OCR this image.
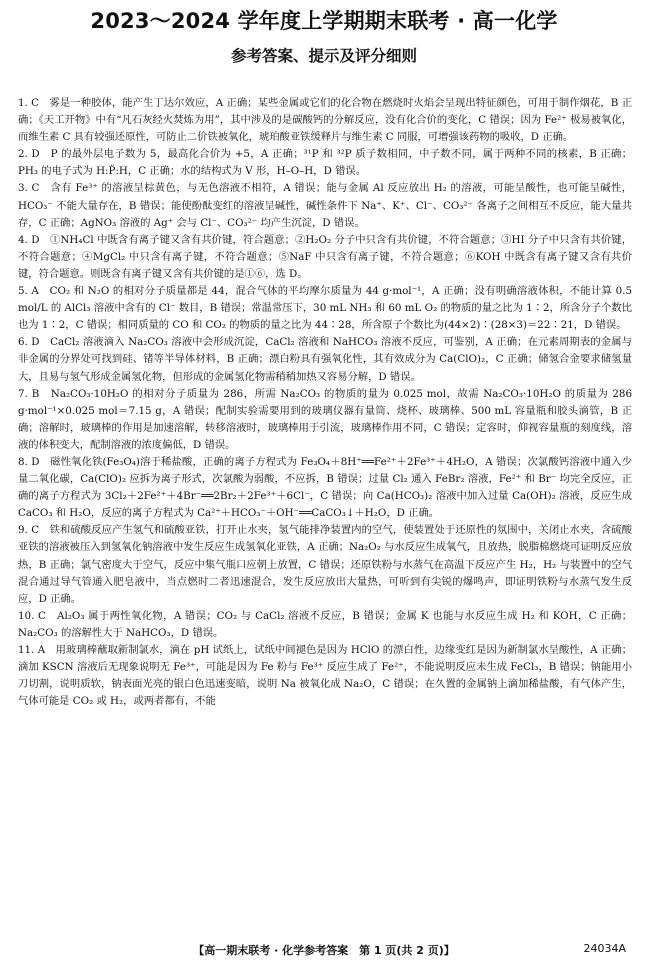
2023～2024 学年度上学期期末联考 · 高一化学
参考答案、提示及评分细则

1. C　雾是一种胶体，能产生丁达尔效应，A 正确；某些金属或它们的化合物在燃烧时火焰会呈现出特征颜色，可用于制作烟花，B 正确；《天工开物》中有“凡石灰经火焚炼为用”，其中涉及的是碳酸钙的分解反应，没有化合价的变化，C 错误；因为 Fe²⁺ 极易被氧化，而维生素 C 具有较强还原性，可防止二价铁被氧化，琥珀酸亚铁缓释片与维生素 C 同服，可增强该药物的吸收，D 正确。

2. D　P 的最外层电子数为 5，最高化合价为 +5，A 正确；³¹P 和 ³²P 质子数相同，中子数不同，属于两种不同的核素，B 正确；PH₃ 的电子式为 H:P̈:H，C 正确；水的结构式为 V 形，H–O–H，D 错误。

3. C　含有 Fe³⁺ 的溶液呈棕黄色，与无色溶液不相符，A 错误；能与金属 Al 反应放出 H₂ 的溶液，可能呈酸性，也可能呈碱性，HCO₃⁻ 不能大量存在，B 错误；能使酚酞变红的溶液呈碱性，碱性条件下 Na⁺、K⁺、Cl⁻、CO₃²⁻ 各离子之间相互不反应，能大量共存，C 正确；AgNO₃ 溶液的 Ag⁺ 会与 Cl⁻、CO₃²⁻ 均产生沉淀，D 错误。

4. D　①NH₄Cl 中既含有离子键又含有共价键，符合题意；②H₂O₂ 分子中只含有共价键，不符合题意；③HI 分子中只含有共价键，不符合题意；④MgCl₂ 中只含有离子键，不符合题意；⑤NaF 中只含有离子键，不符合题意；⑥KOH 中既含有离子键又含有共价键，符合题意。则既含有离子键又含有共价键的是①⑥，选 D。

5. A　CO₂ 和 N₂O 的相对分子质量都是 44，混合气体的平均摩尔质量为 44 g·mol⁻¹，A 正确；没有明确溶液体积，不能计算 0.5 mol/L 的 AlCl₃ 溶液中含有的 Cl⁻ 数目，B 错误；常温常压下，30 mL NH₃ 和 60 mL O₂ 的物质的量之比为 1∶2，所含分子个数比也为 1∶2，C 错误；相同质量的 CO 和 CO₂ 的物质的量之比为 44∶28，所含原子个数比为(44×2)∶(28×3)＝22∶21，D 错误。

6. D　CaCl₂ 溶液滴入 Na₂CO₃ 溶液中会形成沉淀，CaCl₂ 溶液和 NaHCO₃ 溶液不反应，可鉴别，A 正确；在元素周期表的金属与非金属的分界处可找到硅、锗等半导体材料，B 正确；漂白粉具有强氧化性，其有效成分为 Ca(ClO)₂，C 正确；储氢合金要求储氢量大，且易与氢气形成金属氢化物，但形成的金属氢化物需稍稍加热又容易分解，D 错误。

7. B　Na₂CO₃·10H₂O 的相对分子质量为 286，所需 Na₂CO₃ 的物质的量为 0.025 mol，故需 Na₂CO₃·10H₂O 的质量为 286 g·mol⁻¹×0.025 mol＝7.15 g，A 错误；配制实验需要用到的玻璃仪器有量筒、烧杯、玻璃棒、500 mL 容量瓶和胶头滴管，B 正确；溶解时，玻璃棒的作用是加速溶解，转移溶液时，玻璃棒用于引流，玻璃棒作用不同，C 错误；定容时，仰视容量瓶的刻度线，溶液的体积变大，配制溶液的浓度偏低，D 错误。

8. D　磁性氧化铁(Fe₃O₄)溶于稀盐酸，正确的离子方程式为 Fe₃O₄＋8H⁺══Fe²⁺＋2Fe³⁺＋4H₂O，A 错误；次氯酸钙溶液中通入少量二氧化碳，Ca(ClO)₂ 应拆为离子形式，次氯酸为弱酸，不应拆，B 错误；过量 Cl₂ 通入 FeBr₂ 溶液，Fe²⁺ 和 Br⁻ 均完全反应，正确的离子方程式为 3Cl₂＋2Fe²⁺＋4Br⁻══2Br₂＋2Fe³⁺＋6Cl⁻，C 错误；向 Ca(HCO₃)₂ 溶液中加入过量 Ca(OH)₂ 溶液，反应生成 CaCO₃ 和 H₂O，反应的离子方程式为 Ca²⁺＋HCO₃⁻＋OH⁻══CaCO₃↓＋H₂O，D 正确。

9. C　铁和硫酸反应产生氢气和硫酸亚铁，打开止水夹，氢气能排净装置内的空气，使装置处于还原性的氛围中，关闭止水夹，含硫酸亚铁的溶液被压入到氢氧化钠溶液中发生反应生成氢氧化亚铁，A 正确；Na₂O₂ 与水反应生成氧气，且放热，脱脂棉燃烧可证明反应放热，B 正确；氯气密度大于空气，反应中集气瓶口应朝上放置，C 错误；还原铁粉与水蒸气在高温下反应产生 H₂，H₂ 与装置中的空气混合通过导气管通入肥皂液中，当点燃时二者迅速混合，发生反应放出大量热，可听到有尖锐的爆鸣声，即证明铁粉与水蒸气发生反应，D 正确。

10. C　Al₂O₃ 属于两性氧化物，A 错误；CO₂ 与 CaCl₂ 溶液不反应，B 错误；金属 K 也能与水反应生成 H₂ 和 KOH，C 正确；Na₂CO₃ 的溶解性大于 NaHCO₃，D 错误。

11. A　用玻璃棒蘸取新制氯水，滴在 pH 试纸上，试纸中间褪色是因为 HClO 的漂白性，边缘变红是因为新制氯水呈酸性，A 正确；滴加 KSCN 溶液后无现象说明无 Fe³⁺，可能是因为 Fe 粉与 Fe³⁺ 反应生成了 Fe²⁺，不能说明反应未生成 FeCl₃，B 错误；钠能用小刀切割，说明质软，钠表面光亮的银白色迅速变暗，说明 Na 被氧化成 Na₂O，C 错误；在久置的金属钠上滴加稀盐酸，有气体产生，气体可能是 CO₂ 或 H₂，或两者都有，不能

【高一期末联考 · 化学参考答案　第 1 页(共 2 页)】	24034A
